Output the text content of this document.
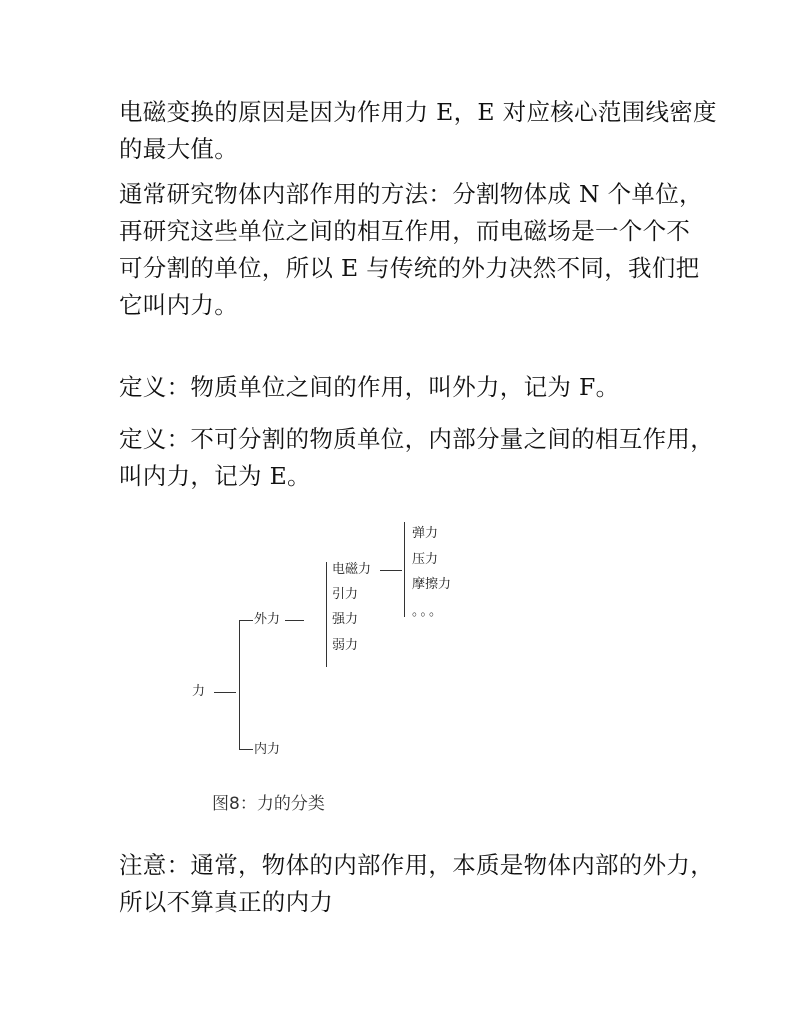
电磁变换的原因是因为作用力 E，E 对应核心范围线密度
的最大值。

通常研究物体内部作用的方法：分割物体成 N 个单位，
再研究这些单位之间的相互作用，而电磁场是一个个不
可分割的单位，所以 E 与传统的外力决然不同，我们把
它叫内力。

定义：物质单位之间的作用，叫外力，记为 F。

定义：不可分割的物质单位，内部分量之间的相互作用，
叫内力，记为 E。

力
外力
内力
电磁力
引力
强力
弱力
弹力
压力
摩擦力
。。。
图8：力的分类

注意：通常，物体的内部作用，本质是物体内部的外力，
所以不算真正的内力
